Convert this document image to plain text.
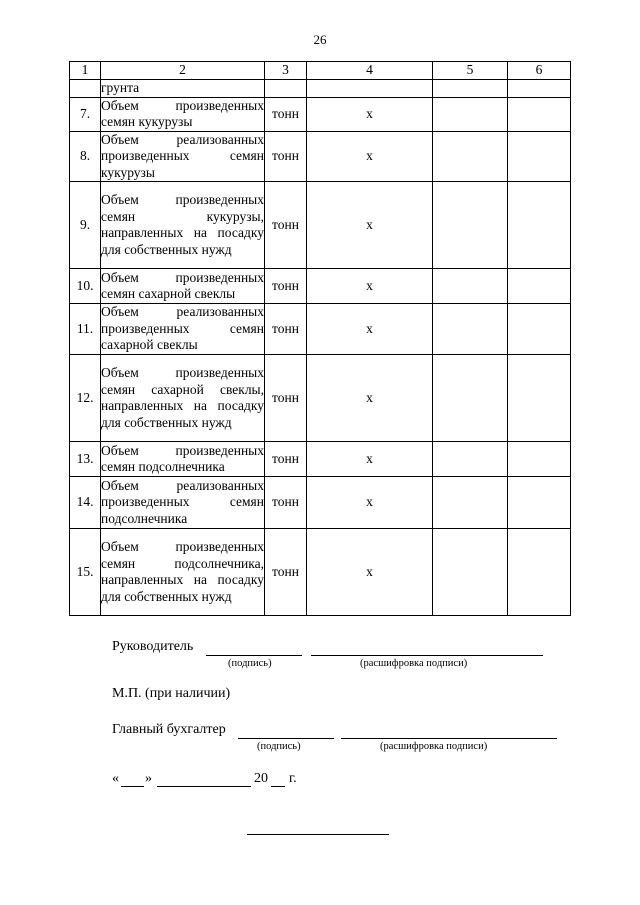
26
1	2	3	4	5	6
	грунта				
7.	Объем произведенных семян кукурузы	тонн	х		
8.	Объем реализованных произведенных семян кукурузы	тонн	х		
9.	Объем произведенных семян кукурузы, направленных на посадку для собственных нужд	тонн	х		
10.	Объем произведенных семян сахарной свеклы	тонн	х		
11.	Объем реализованных произведенных семян сахарной свеклы	тонн	х		
12.	Объем произведенных семян сахарной свеклы, направленных на посадку для собственных нужд	тонн	х		
13.	Объем произведенных семян подсолнечника	тонн	х		
14.	Объем реализованных произведенных семян подсолнечника	тонн	х		
15.	Объем произведенных семян подсолнечника, направленных на посадку для собственных нужд	тонн	х		
Руководитель
(подпись)	(расшифровка подписи)
М.П. (при наличии)
Главный бухгалтер
(подпись)	(расшифровка подписи)
« »	20 г.
